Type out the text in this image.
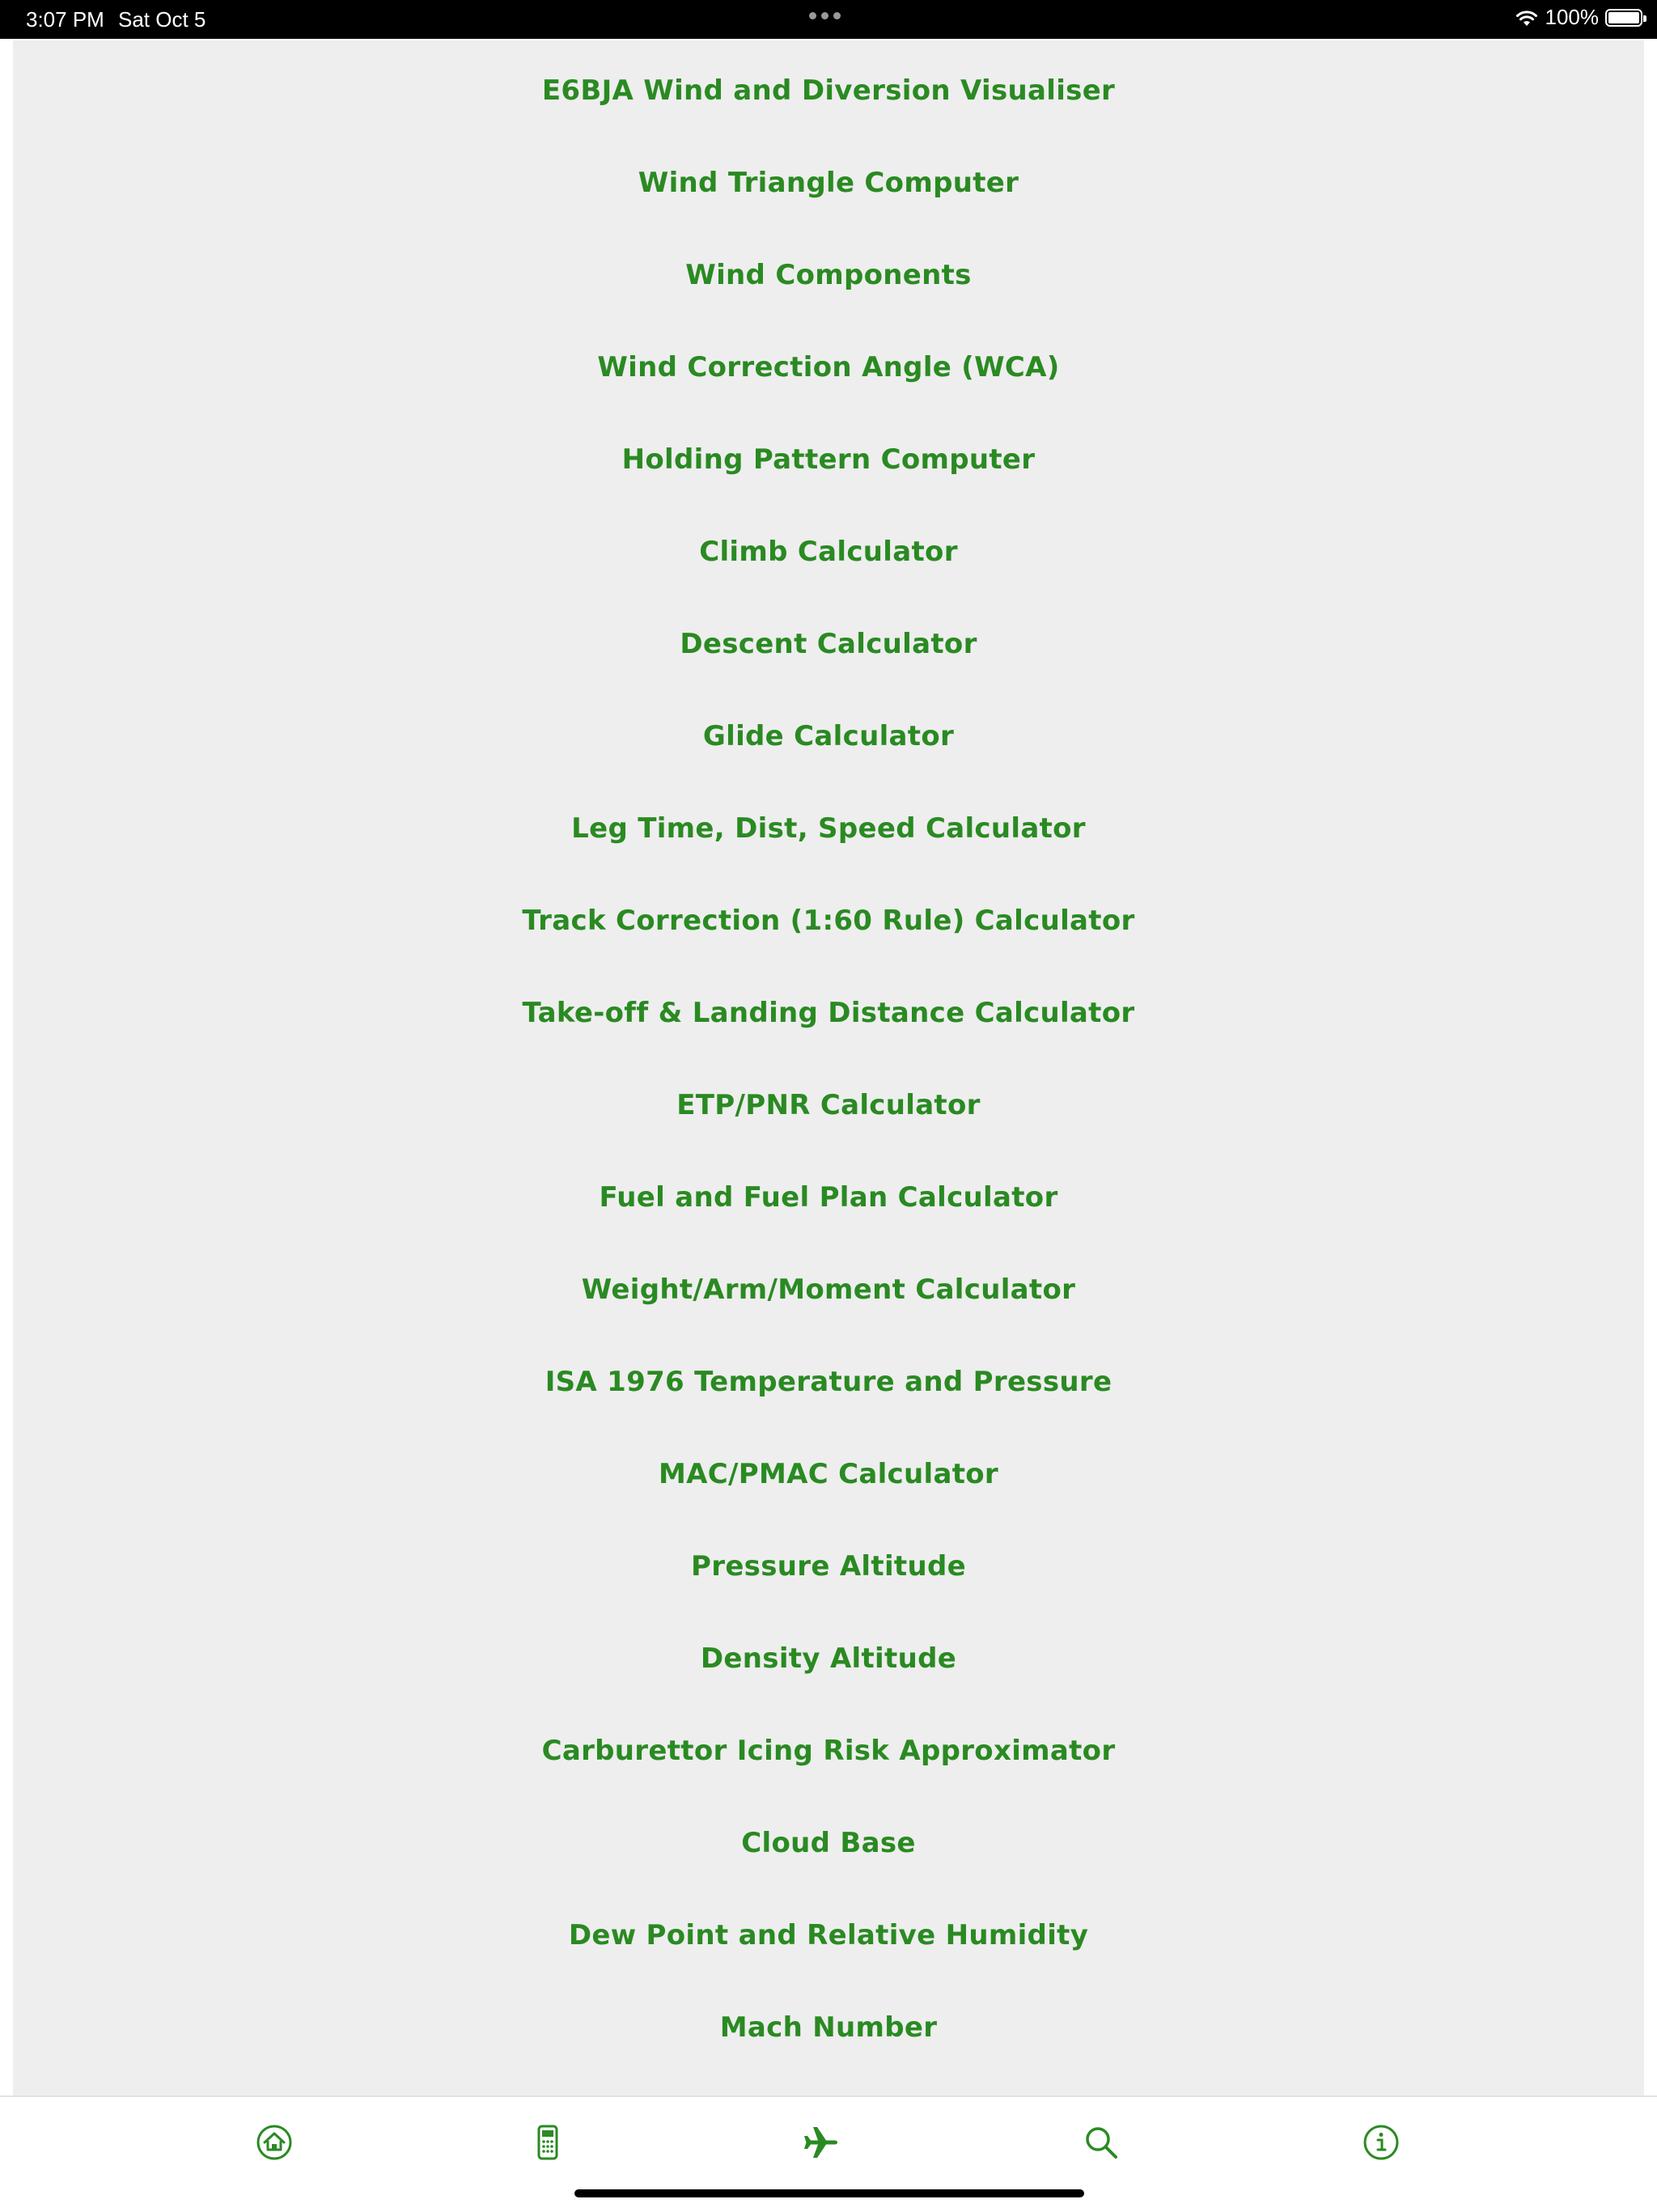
3:07 PM Sat Oct 5	100%
E6BJA Wind and Diversion Visualiser
Wind Triangle Computer
Wind Components
Wind Correction Angle (WCA)
Holding Pattern Computer
Climb Calculator
Descent Calculator
Glide Calculator
Leg Time, Dist, Speed Calculator
Track Correction (1:60 Rule) Calculator
Take-off & Landing Distance Calculator
ETP/PNR Calculator
Fuel and Fuel Plan Calculator
Weight/Arm/Moment Calculator
ISA 1976 Temperature and Pressure
MAC/PMAC Calculator
Pressure Altitude
Density Altitude
Carburettor Icing Risk Approximator
Cloud Base
Dew Point and Relative Humidity
Mach Number
